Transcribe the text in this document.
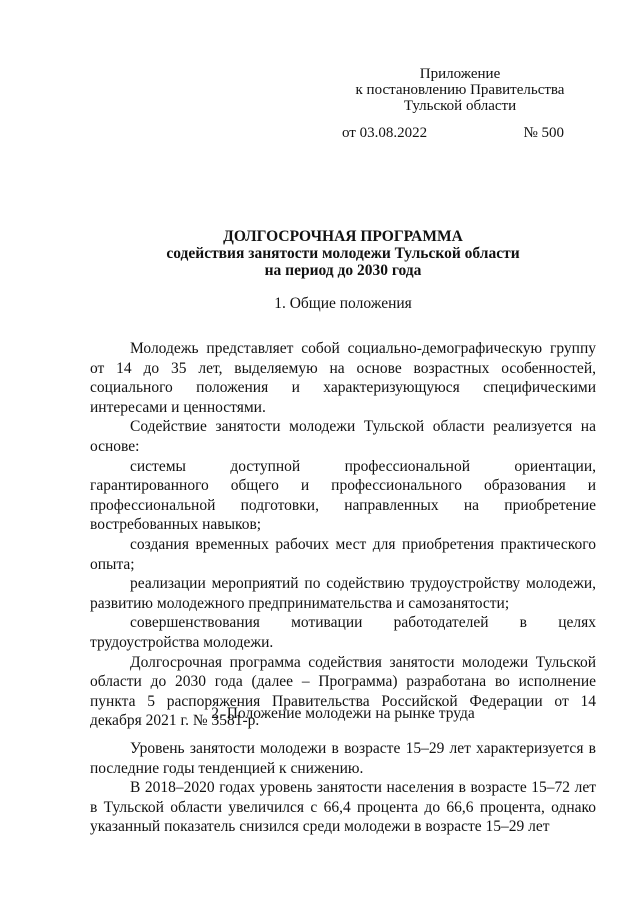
Приложение
к постановлению Правительства
Тульской области
от 03.08.2022	№ 500
ДОЛГОСРОЧНАЯ ПРОГРАММА
содействия занятости молодежи Тульской области
на период до 2030 года
1. Общие положения

Молодежь представляет собой социально-демографическую группу от 14 до 35 лет, выделяемую на основе возрастных особенностей, социального положения и характеризующуюся специфическими интересами и ценностями.

Содействие занятости молодежи Тульской области реализуется на основе:

системы доступной профессиональной ориентации, гарантированного общего и профессионального образования и профессиональной подготовки, направленных на приобретение востребованных навыков;

создания временных рабочих мест для приобретения практического опыта;

реализации мероприятий по содействию трудоустройству молодежи, развитию молодежного предпринимательства и самозанятости;

совершенствования мотивации работодателей в целях трудоустройства молодежи.

Долгосрочная программа содействия занятости молодежи Тульской области до 2030 года (далее – Программа) разработана во исполнение пункта 5 распоряжения Правительства Российской Федерации от 14 декабря 2021 г. № 3581-р.

2. Положение молодежи на рынке труда

Уровень занятости молодежи в возрасте 15–29 лет характеризуется в последние годы тенденцией к снижению.

В 2018–2020 годах уровень занятости населения в возрасте 15–72 лет в Тульской области увеличился с 66,4 процента до 66,6 процента, однако указанный показатель снизился среди молодежи в возрасте 15–29 лет
